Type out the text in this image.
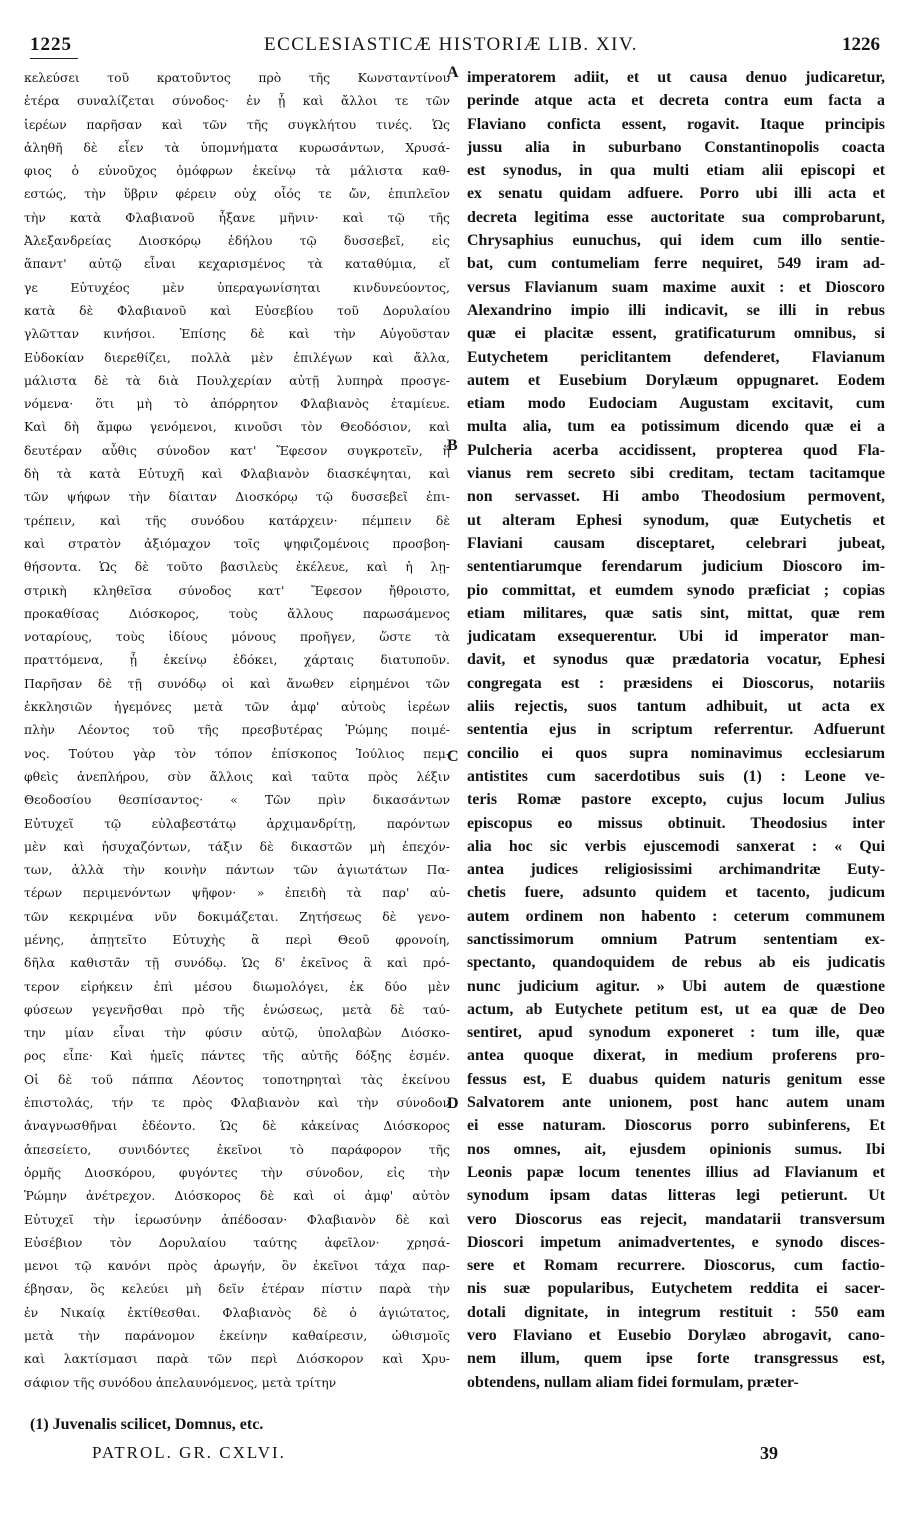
1225	ECCLESIASTICÆ HISTORIÆ LIB. XIV.	1226
κελεύσει τοῦ κρατοῦντος πρὸ τῆς Κωνσταντίνου
ἑτέρα συναλίζεται σύνοδος· ἐν ᾗ καὶ ἄλλοι τε τῶν
ἱερέων παρῆσαν καὶ τῶν τῆς συγκλήτου τινές. Ὡς
ἀληθῆ δὲ εἶεν τὰ ὑπομνήματα κυρωσάντων, Χρυσά-
φιος ὁ εὐνοῦχος ὁμόφρων ἐκείνῳ τὰ μάλιστα καθ-
εστώς, τὴν ὕβριν φέρειν οὐχ οἷός τε ὤν, ἐπιπλεῖον
τὴν κατὰ Φλαβιανοῦ ἦξανε μῆνιν· καὶ τῷ τῆς
Ἀλεξανδρείας Διοσκόρῳ ἐδήλου τῷ δυσσεβεῖ, εἰς
ἅπαντ' αὐτῷ εἶναι κεχαρισμένος τὰ καταθύμια, εἴ
γε Εὐτυχέος μὲν ὑπεραγωνίσηται κινδυνεύοντος,
κατὰ δὲ Φλαβιανοῦ καὶ Εὐσεβίου τοῦ Δορυλαίου
γλῶτταν κινήσοι. Ἐπίσης δὲ καὶ τὴν Αὐγοῦσταν
Εὐδοκίαν διερεθίζει, πολλὰ μὲν ἐπιλέγων καὶ ἄλλα,
μάλιστα δὲ τὰ διὰ Πουλχερίαν αὐτῇ λυπηρὰ προσγε-
νόμενα· ὅτι μὴ τὸ ἀπόρρητον Φλαβιανὸς ἐταμίευε.
Καὶ δὴ ἄμφω γενόμενοι, κινοῦσι τὸν Θεοδόσιον, καὶ
δευτέραν αὖθις σύνοδον κατ' Ἔφεσον συγκροτεῖν, ἥ
δὴ τὰ κατὰ Εὐτυχῆ καὶ Φλαβιανὸν διασκέψηται, καὶ
τῶν ψήφων τὴν δίαιταν Διοσκόρῳ τῷ δυσσεβεῖ ἐπι-
τρέπειν, καὶ τῆς συνόδου κατάρχειν· πέμπειν δὲ
καὶ στρατὸν ἀξιόμαχον τοῖς ψηφιζομένοις προσβοη-
θήσοντα. Ὡς δὲ τοῦτο βασιλεὺς ἐκέλευε, καὶ ἡ λῃ-
στρικὴ κληθεῖσα σύνοδος κατ' Ἔφεσον ἤθροιστο,
προκαθίσας Διόσκορος, τοὺς ἄλλους παρωσάμενος
νοταρίους, τοὺς ἰδίους μόνους προῆγεν, ὥστε τὰ
πραττόμενα, ᾗ ἐκείνῳ ἐδόκει, χάρταις διατυποῦν.
Παρῆσαν δὲ τῇ συνόδῳ οἱ καὶ ἄνωθεν εἰρημένοι τῶν
ἐκκλησιῶν ἡγεμόνες μετὰ τῶν ἀμφ' αὐτοὺς ἱερέων
πλὴν Λέοντος τοῦ τῆς πρεσβυτέρας Ῥώμης ποιμέ-
νος. Τούτου γὰρ τὸν τόπον ἐπίσκοπος Ἰούλιος πεμ-
φθεὶς ἀνεπλήρου, σὺν ἄλλοις καὶ ταῦτα πρὸς λέξιν
Θεοδοσίου θεσπίσαντος· « Τῶν πρὶν δικασάντων
Εὐτυχεῖ τῷ εὐλαβεστάτῳ ἀρχιμανδρίτῃ, παρόντων
μὲν καὶ ἡσυχαζόντων, τάξιν δὲ δικαστῶν μὴ ἐπεχόν-
των, ἀλλὰ τὴν κοινὴν πάντων τῶν ἁγιωτάτων Πα-
τέρων περιμενόντων ψῆφον· » ἐπειδὴ τὰ παρ' αὐ-
τῶν κεκριμένα νῦν δοκιμάζεται. Ζητήσεως δὲ γενο-
μένης, ἀπῃτεῖτο Εὐτυχὴς ἃ περὶ Θεοῦ φρονοίη,
δῆλα καθιστᾶν τῇ συνόδῳ. Ὡς δ' ἐκεῖνος ἃ καὶ πρό-
τερον εἰρήκειν ἐπὶ μέσου διωμολόγει, ἐκ δύο μὲν
φύσεων γεγενῆσθαι πρὸ τῆς ἑνώσεως, μετὰ δὲ ταύ-
την μίαν εἶναι τὴν φύσιν αὐτῷ, ὑπολαβὼν Διόσκο-
ρος εἶπε· Καὶ ἡμεῖς πάντες τῆς αὐτῆς δόξης ἐσμέν.
Οἱ δὲ τοῦ πάππα Λέοντος τοποτηρηταὶ τὰς ἐκείνου
ἐπιστολάς, τήν τε πρὸς Φλαβιανὸν καὶ τὴν σύνοδον
ἀναγνωσθῆναι ἐδέοντο. Ὡς δὲ κἀκείνας Διόσκορος
ἀπεσείετο, συνιδόντες ἐκεῖνοι τὸ παράφορον τῆς
ὁρμῆς Διοσκόρου, φυγόντες τὴν σύνοδον, εἰς τὴν
Ῥώμην ἀνέτρεχον. Διόσκορος δὲ καὶ οἱ ἀμφ' αὐτὸν
Εὐτυχεῖ τὴν ἱερωσύνην ἀπέδοσαν· Φλαβιανὸν δὲ καὶ
Εὐσέβιον τὸν Δορυλαίου ταύτης ἀφεῖλον· χρησά-
μενοι τῷ κανόνι πρὸς ἀρωγήν, ὃν ἐκεῖνοι τάχα παρ-
έβησαν, ὃς κελεύει μὴ δεῖν ἑτέραν πίστιν παρὰ τὴν
ἐν Νικαίᾳ ἐκτίθεσθαι. Φλαβιανὸς δὲ ὁ ἁγιώτατος,
μετὰ τὴν παράνομον ἐκείνην καθαίρεσιν, ὠθισμοῖς
καὶ λακτίσμασι παρὰ τῶν περὶ Διόσκορον καὶ Χρυ-
σάφιον τῆς συνόδου ἀπελαυνόμενος, μετὰ τρίτην
imperatorem adiit, et ut causa denuo judicaretur,
perinde atque acta et decreta contra eum facta a
Flaviano conficta essent, rogavit. Itaque principis
jussu alia in suburbano Constantinopolis coacta
est synodus, in qua multi etiam alii episcopi et
ex senatu quidam adfuere. Porro ubi illi acta et
decreta legitima esse auctoritate sua comprobarunt,
Chrysaphius eunuchus, qui idem cum illo sentie-
bat, cum contumeliam ferre nequiret, 549 iram ad-
versus Flavianum suam maxime auxit : et Dioscoro
Alexandrino impio illi indicavit, se illi in rebus
quæ ei placitæ essent, gratificaturum omnibus, si
Eutychetem periclitantem defenderet, Flavianum
autem et Eusebium Dorylæum oppugnaret. Eodem
etiam modo Eudociam Augustam excitavit, cum
multa alia, tum ea potissimum dicendo quæ ei a
Pulcheria acerba accidissent, propterea quod Fla-
vianus rem secreto sibi creditam, tectam tacitamque
non servasset. Hi ambo Theodosium permovent,
ut alteram Ephesi synodum, quæ Eutychetis et
Flaviani causam disceptaret, celebrari jubeat,
sententiarumque ferendarum judicium Dioscoro im-
pio committat, et eumdem synodo præficiat ; copias
etiam militares, quæ satis sint, mittat, quæ rem
judicatam exsequerentur. Ubi id imperator man-
davit, et synodus quæ prædatoria vocatur, Ephesi
congregata est : præsidens ei Dioscorus, notariis
aliis rejectis, suos tantum adhibuit, ut acta ex
sententia ejus in scriptum referrentur. Adfuerunt
concilio ei quos supra nominavimus ecclesiarum
antistites cum sacerdotibus suis (1) : Leone ve-
teris Romæ pastore excepto, cujus locum Julius
episcopus eo missus obtinuit. Theodosius inter
alia hoc sic verbis ejuscemodi sanxerat : « Qui
antea judices religiosissimi archimandritæ Euty-
chetis fuere, adsunto quidem et tacento, judicum
autem ordinem non habento : ceterum communem
sanctissimorum omnium Patrum sententiam ex-
spectanto, quandoquidem de rebus ab eis judicatis
nunc judicium agitur. » Ubi autem de quæstione
actum, ab Eutychete petitum est, ut ea quæ de Deo
sentiret, apud synodum exponeret : tum ille, quæ
antea quoque dixerat, in medium proferens pro-
fessus est, E duabus quidem naturis genitum esse
Salvatorem ante unionem, post hanc autem unam
ei esse naturam. Dioscorus porro subinferens, Et
nos omnes, ait, ejusdem opinionis sumus. Ibi
Leonis papæ locum tenentes illius ad Flavianum et
synodum ipsam datas litteras legi petierunt. Ut
vero Dioscorus eas rejecit, mandatarii transversum
Dioscori impetum animadvertentes, e synodo disces-
sere et Romam recurrere. Dioscorus, cum factio-
nis suæ popularibus, Eutychetem reddita ei sacer-
dotali dignitate, in integrum restituit : 550 eam
vero Flaviano et Eusebio Dorylæo abrogavit, cano-
nem illum, quem ipse forte transgressus est,
obtendens, nullam aliam fidei formulam, præter-
A
B
C
D
(1) Juvenalis scilicet, Domnus, etc.
PATROL. GR. CXLVI.	39
